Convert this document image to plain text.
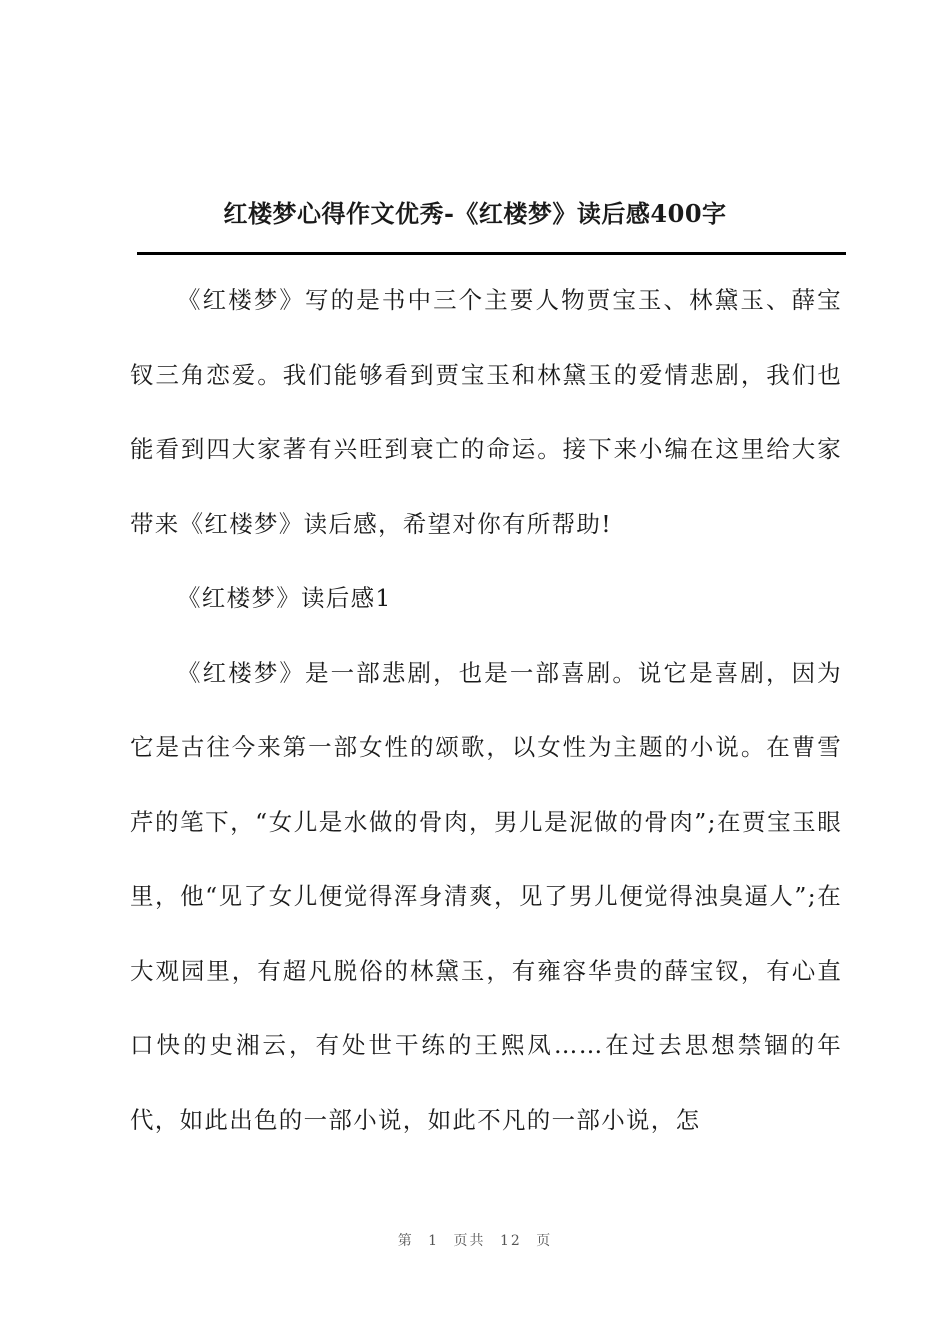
红楼梦心得作文优秀-《红楼梦》读后感400字

《红楼梦》写的是书中三个主要人物贾宝玉、林黛玉、薛宝钗三角恋爱。我们能够看到贾宝玉和林黛玉的爱情悲剧，我们也能看到四大家著有兴旺到衰亡的命运。接下来小编在这里给大家带来《红楼梦》读后感，希望对你有所帮助!

《红楼梦》读后感1

《红楼梦》是一部悲剧，也是一部喜剧。说它是喜剧，因为它是古往今来第一部女性的颂歌，以女性为主题的小说。在曹雪芹的笔下，“女儿是水做的骨肉，男儿是泥做的骨肉”;在贾宝玉眼里，他“见了女儿便觉得浑身清爽，见了男儿便觉得浊臭逼人”;在大观园里，有超凡脱俗的林黛玉，有雍容华贵的薛宝钗，有心直口快的史湘云，有处世干练的王熙凤……在过去思想禁锢的年代，如此出色的一部小说，如此不凡的一部小说，怎

第 1 页共 12 页
